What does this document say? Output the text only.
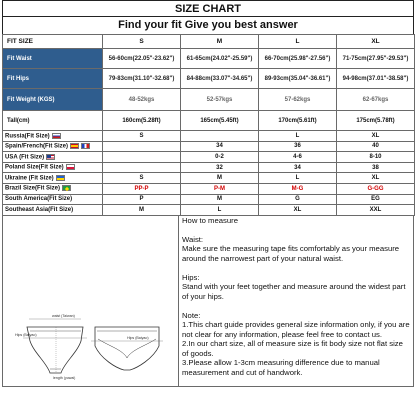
SIZE CHART
Find your fit Give you best answer
FIT SIZE	S	M	L	XL
Fit Waist	56-60cm(22.05"-23.62")	61-65cm(24.02"-25.59")	66-70cm(25.98"-27.56")	71-75cm(27.95"-29.53")
Fit Hips	79-83cm(31.10"-32.68")	84-88cm(33.07"-34.65")	89-93cm(35.04"-36.61")	94-98cm(37.01"-38.58")
Fit Weight (KGS)	48-52kgs	52-57kgs	57-62kgs	62-67kgs
Tall(cm)	160cm(5.28ft)	165cm(5.45ft)	170cm(5.61ft)	175cm(5.78ft)
Russia(Fit Size)	S		L	XL
Spain/French(Fit Size)		34	36	40
USA (Fit Size)		0-2	4-6	8-10
Poland Size(Fit Size)		32	34	38
Ukraine (Fit Size)	S	M	L	XL
Brazil Size(Fit Size)	PP-P	P-M	M-G	G-GG
South America(Fit Size)	P	M	G	EG
Southeast Asia(Fit Size)	M	L	XL	XXL
waist (Taiwan)
Hips (Baiyao)
Hips (Baiyao)
length (yuwai)

How to measure

Waist:

Make sure the measuring tape fits comfortably as your measure around the narrowest part of your natural waist.

Hips:

Stand with your feet together and measure around the widest part of your hips.

Note:

1.This chart guide provides general size information only, if you are not clear for any information, please feel free to contact us.

2.In our chart size, all of measure size is fit body size not flat size of goods.

3.Please allow 1-3cm measuring difference due to manual measurement and cut of handwork.
